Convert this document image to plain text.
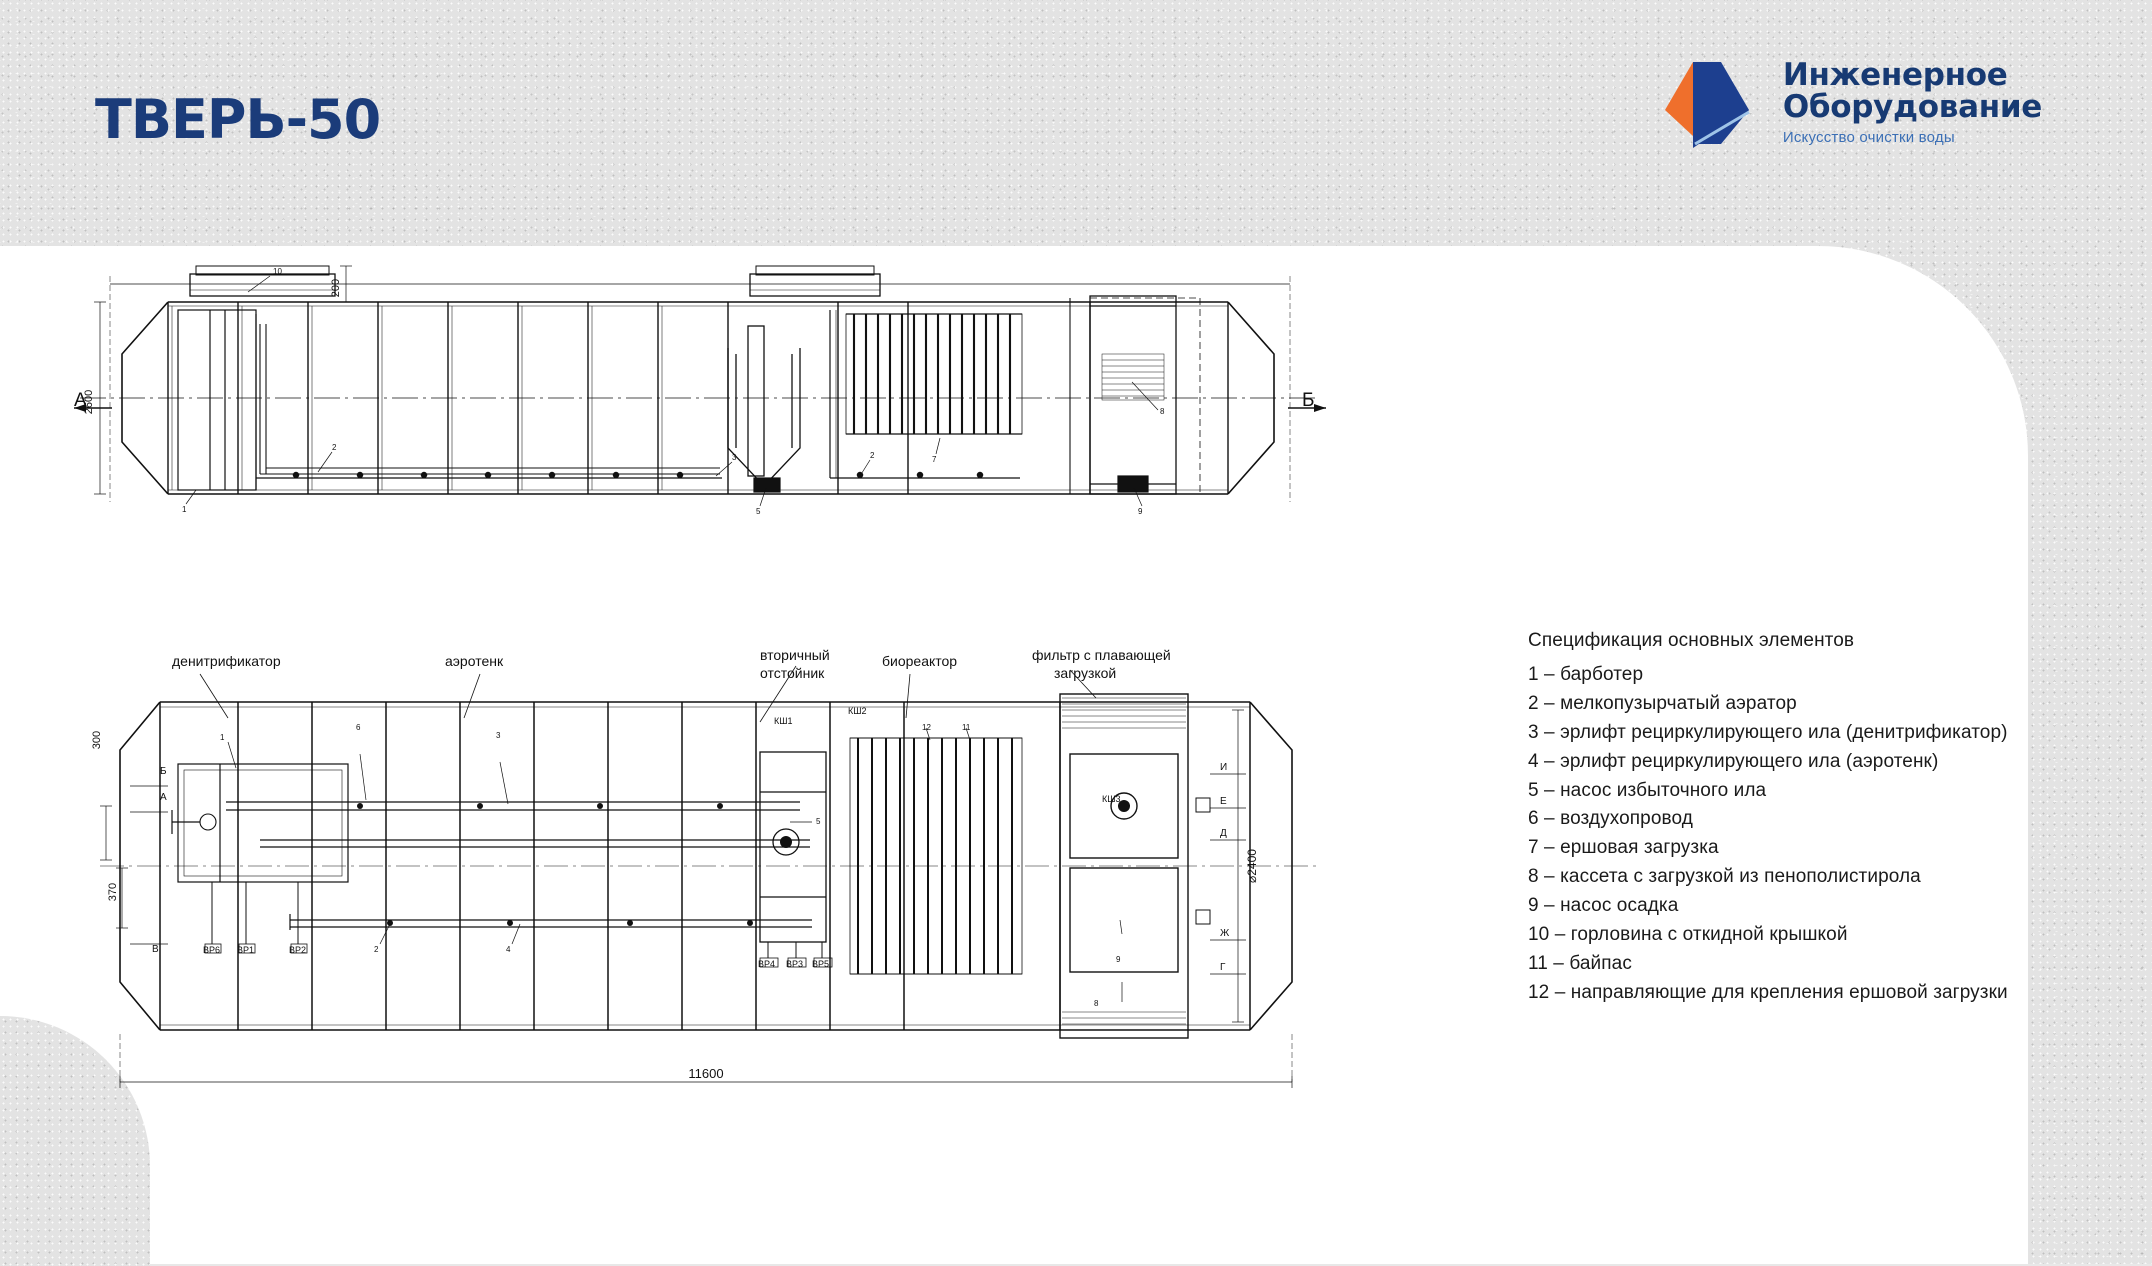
ТВЕРЬ-50
Инженерное
Оборудование
Искусство очистки воды
Спецификация основных элементов
1 – барботер
2 – мелкопузырчатый аэратор
3 – эрлифт рециркулирующего ила (денитрификатор)
4 – эрлифт рециркулирующего ила (аэротенк)
5 – насос избыточного ила
6 – воздухопровод
7 – ершовая загрузка
8 – кассета с загрузкой из пенополистирола
9 – насос осадка
10 – горловина с откидной крышкой
11 – байпас
12 – направляющие для крепления ершовой загрузки
А	Б
2600
200
10
2
1
3
5
2	7
8
9
денитрификатор	аэротенк	вторичный
отстойник
биореактор	фильтр с плавающей
загрузкой
300
370
⌀2400
11600
Б
А
В
И
Е
Д
Ж
Г
8
1
6
3
2	4
5
12	11
9
ВР6 ВР1	ВР2
ВР4 ВР3 ВР5
КШ1
КШ2
КШ3
